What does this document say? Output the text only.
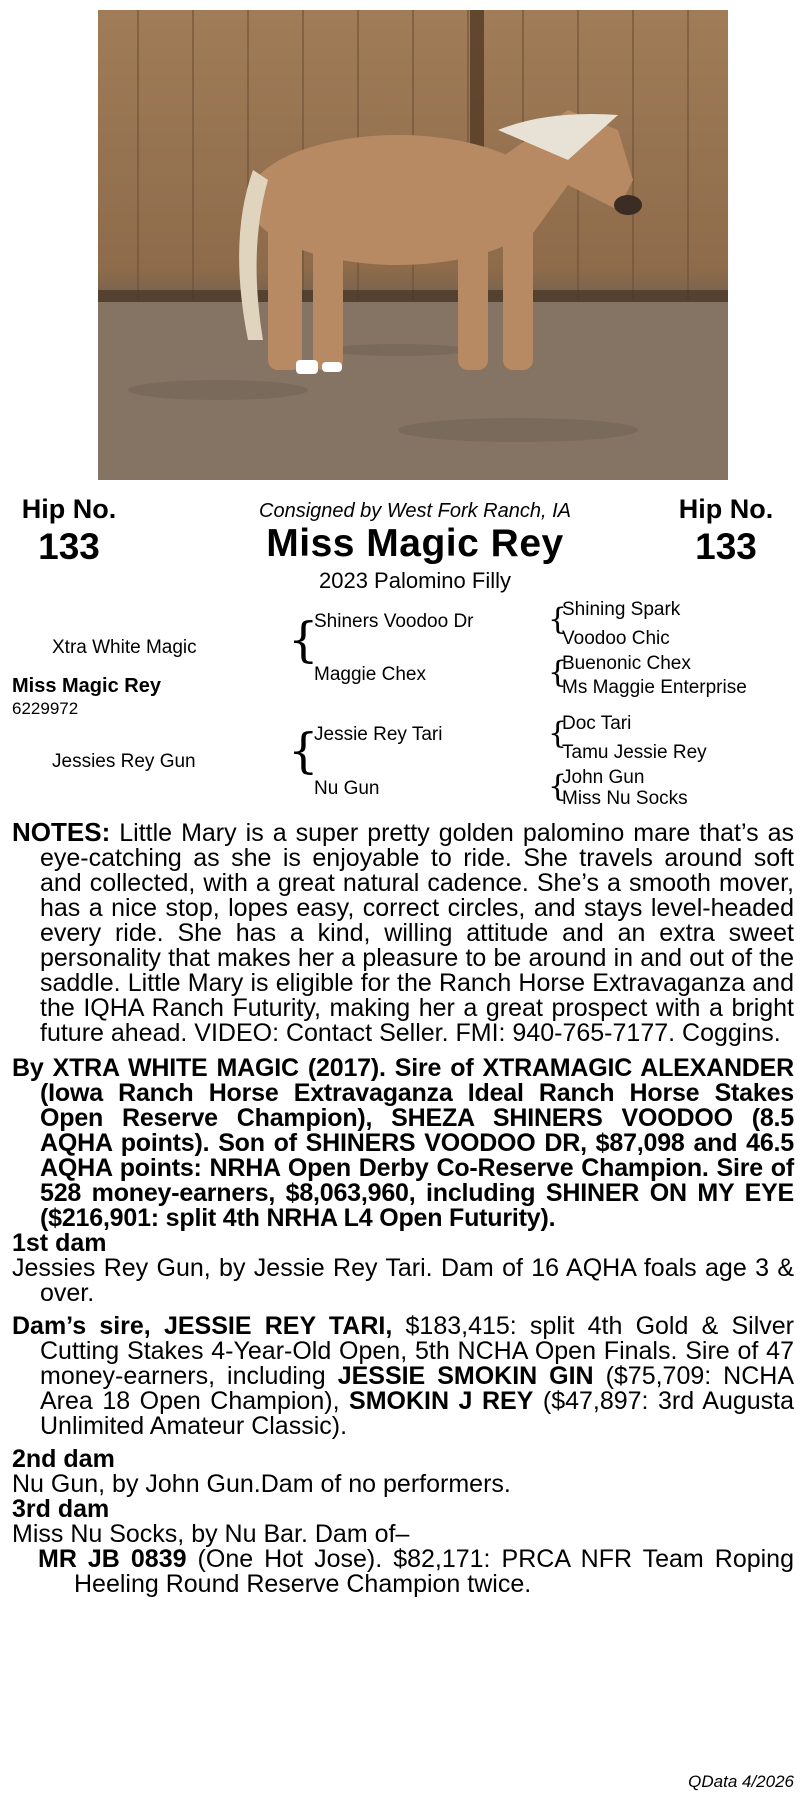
Hip No.
133
Hip No.
133
Consigned by West Fork Ranch, IA
Miss Magic Rey
2023 Palomino Filly
Xtra White Magic
Miss Magic Rey
6229972
Jessies Rey Gun
{
Shiners Voodoo Dr
Maggie Chex
{
Jessie Rey Tari
Nu Gun
{
Shining Spark
Voodoo Chic
{
Buenonic Chex
Ms Maggie Enterprise
{
Doc Tari
Tamu Jessie Rey
{
John Gun
Miss Nu Socks

NOTES: Little Mary is a super pretty golden palomino mare that’s as eye-catching as she is enjoyable to ride. She travels around soft and collected, with a great natural cadence. She’s a smooth mover, has a nice stop, lopes easy, correct circles, and stays level-headed every ride. She has a kind, willing attitude and an extra sweet personality that makes her a pleasure to be around in and out of the saddle. Little Mary is eligible for the Ranch Horse Extravaganza and the IQHA Ranch Futurity, making her a great prospect with a bright future ahead. VIDEO: Contact Seller. FMI: 940-765-7177. Coggins.

By XTRA WHITE MAGIC (2017). Sire of XTRAMAGIC ALEXANDER (Iowa Ranch Horse Extravaganza Ideal Ranch Horse Stakes Open Reserve Champion), SHEZA SHINERS VOODOO (8.5 AQHA points). Son of SHINERS VOODOO DR, $87,098 and 46.5 AQHA points: NRHA Open Derby Co-Reserve Champion. Sire of 528 money-earners, $8,063,960, including SHINER ON MY EYE ($216,901: split 4th NRHA L4 Open Futurity).

1st dam

Jessies Rey Gun, by Jessie Rey Tari. Dam of 16 AQHA foals age 3 & over.

Dam’s sire, JESSIE REY TARI, $183,415: split 4th Gold & Silver Cutting Stakes 4-Year-Old Open, 5th NCHA Open Finals. Sire of 47 money-earners, including JESSIE SMOKIN GIN ($75,709: NCHA Area 18 Open Champion), SMOKIN J REY ($47,897: 3rd Augusta Unlimited Amateur Classic).

2nd dam

Nu Gun, by John Gun.Dam of no performers.

3rd dam

Miss Nu Socks, by Nu Bar. Dam of–

MR JB 0839 (One Hot Jose). $82,171: PRCA NFR Team Roping Heeling Round Reserve Champion twice.

QData 4/2026
